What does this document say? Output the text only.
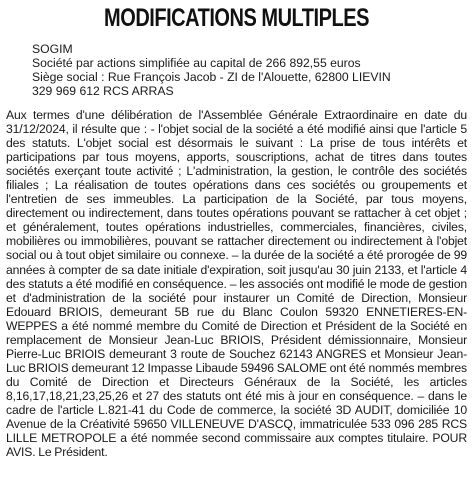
MODIFICATIONS MULTIPLES
SOGIM
Société par actions simplifiée au capital de 266 892,55 euros
Siège social : Rue François Jacob - ZI de l'Alouette, 62800 LIEVIN
329 969 612 RCS ARRAS

Aux termes d'une délibération de l'Assemblée Générale Extraordinaire en date du 31/12/2024, il résulte que : - l'objet social de la société a été modifié ainsi que l'article 5 des statuts. L'objet social est désormais le suivant : La prise de tous intérêts et participations par tous moyens, apports, souscriptions, achat de titres dans toutes sociétés exerçant toute activité ; L'administration, la gestion, le contrôle des sociétés filiales ; La réalisation de toutes opérations dans ces sociétés ou groupements et l'entretien de ses immeubles. La participation de la Société, par tous moyens, directement ou indirectement, dans toutes opérations pouvant se rattacher à cet objet ; et généralement, toutes opérations industrielles, commerciales, financières, civiles, mobilières ou immobilières, pouvant se rattacher directement ou indirectement à l'objet social ou à tout objet similaire ou connexe. – la durée de la société a été prorogée de 99 années à compter de sa date initiale d'expiration, soit jusqu'au 30 juin 2133, et l'article 4 des statuts a été modifié en conséquence. – les associés ont modifié le mode de gestion et d'administration de la société pour instaurer un Comité de Direction, Monsieur Edouard BRIOIS, demeurant 5B rue du Blanc Coulon 59320 ENNETIERES-EN-WEPPES a été nommé membre du Comité de Direction et Président de la Société en remplacement de Monsieur Jean-Luc BRIOIS, Président démissionnaire, Monsieur Pierre-Luc BRIOIS demeurant 3 route de Souchez 62143 ANGRES et Monsieur Jean-Luc BRIOIS demeurant 12 Impasse Libaude 59496 SALOME ont été nommés membres du Comité de Direction et Directeurs Généraux de la Société, les articles 8,16,17,18,21,23,25,26 et 27 des statuts ont été mis à jour en conséquence. – dans le cadre de l'article L.821-41 du Code de commerce, la société 3D AUDIT, domiciliée 10 Avenue de la Créativité 59650 VILLENEUVE D'ASCQ, immatriculée 533 096 285 RCS LILLE METROPOLE a été nommée second commissaire aux comptes titulaire. POUR AVIS. Le Président.
